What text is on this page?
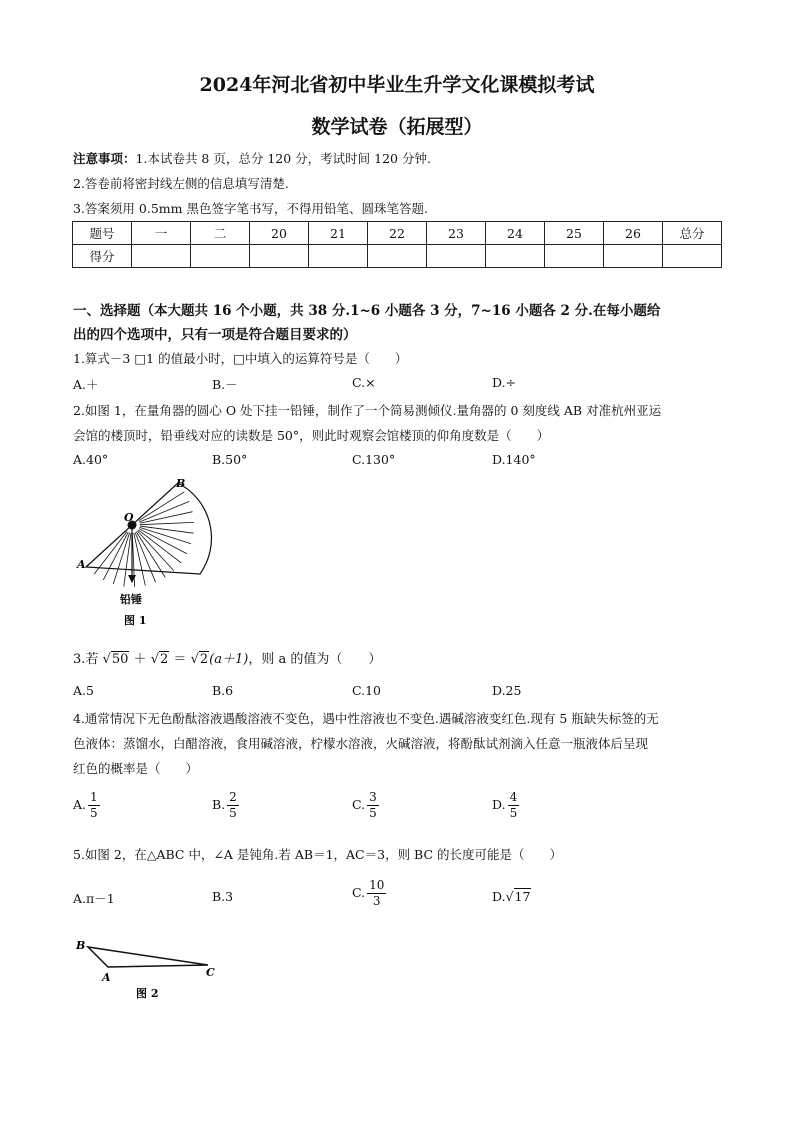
2024年河北省初中毕业生升学文化课模拟考试
数学试卷（拓展型）
注意事项：1.本试卷共 8 页，总分 120 分，考试时间 120 分钟.
2.答卷前将密封线左侧的信息填写清楚.
3.答案须用 0.5mm 黑色签字笔书写，不得用铅笔、圆珠笔答题.
题号	一	二	20	21	22	23	24	25	26	总分
得分										
一、选择题（本大题共 16 个小题，共 38 分.1~6 小题各 3 分，7~16 小题各 2 分.在每小题给
出的四个选项中，只有一项是符合题目要求的）
1.算式－3 □1 的值最小时，□中填入的运算符号是（　　）
A.＋	B.－	C.×	D.÷
2.如图 1，在量角器的圆心 O 处下挂一铅锤，制作了一个简易测倾仪.量角器的 0 刻度线 AB 对准杭州亚运
会馆的楼顶时，铅垂线对应的读数是 50°，则此时观察会馆楼顶的仰角度数是（　　）
A.40°	B.50°	C.130°	D.140°
B
O
A
铅锤
图 1
3.若 √50 ＋ √2 ＝ √2(a＋1)，则 a 的值为（　　）
A.5	B.6	C.10	D.25
4.通常情况下无色酚酞溶液遇酸溶液不变色，遇中性溶液也不变色.遇碱溶液变红色.现有 5 瓶缺失标签的无
色液体：蒸馏水，白醋溶液，食用碱溶液，柠檬水溶液，火碱溶液，将酚酞试剂滴入任意一瓶液体后呈现
红色的概率是（　　）
A. $\frac{1}{5}$	B. $\frac{2}{5}$	C. $\frac{3}{5}$	D. $\frac{4}{5}$
5.如图 2，在△ABC 中，∠A 是钝角.若 AB＝1，AC＝3，则 BC 的长度可能是（　　）
A.π－1	B.3	C. $\frac{10}{3}$	D.√17
B
A	C
图 2
